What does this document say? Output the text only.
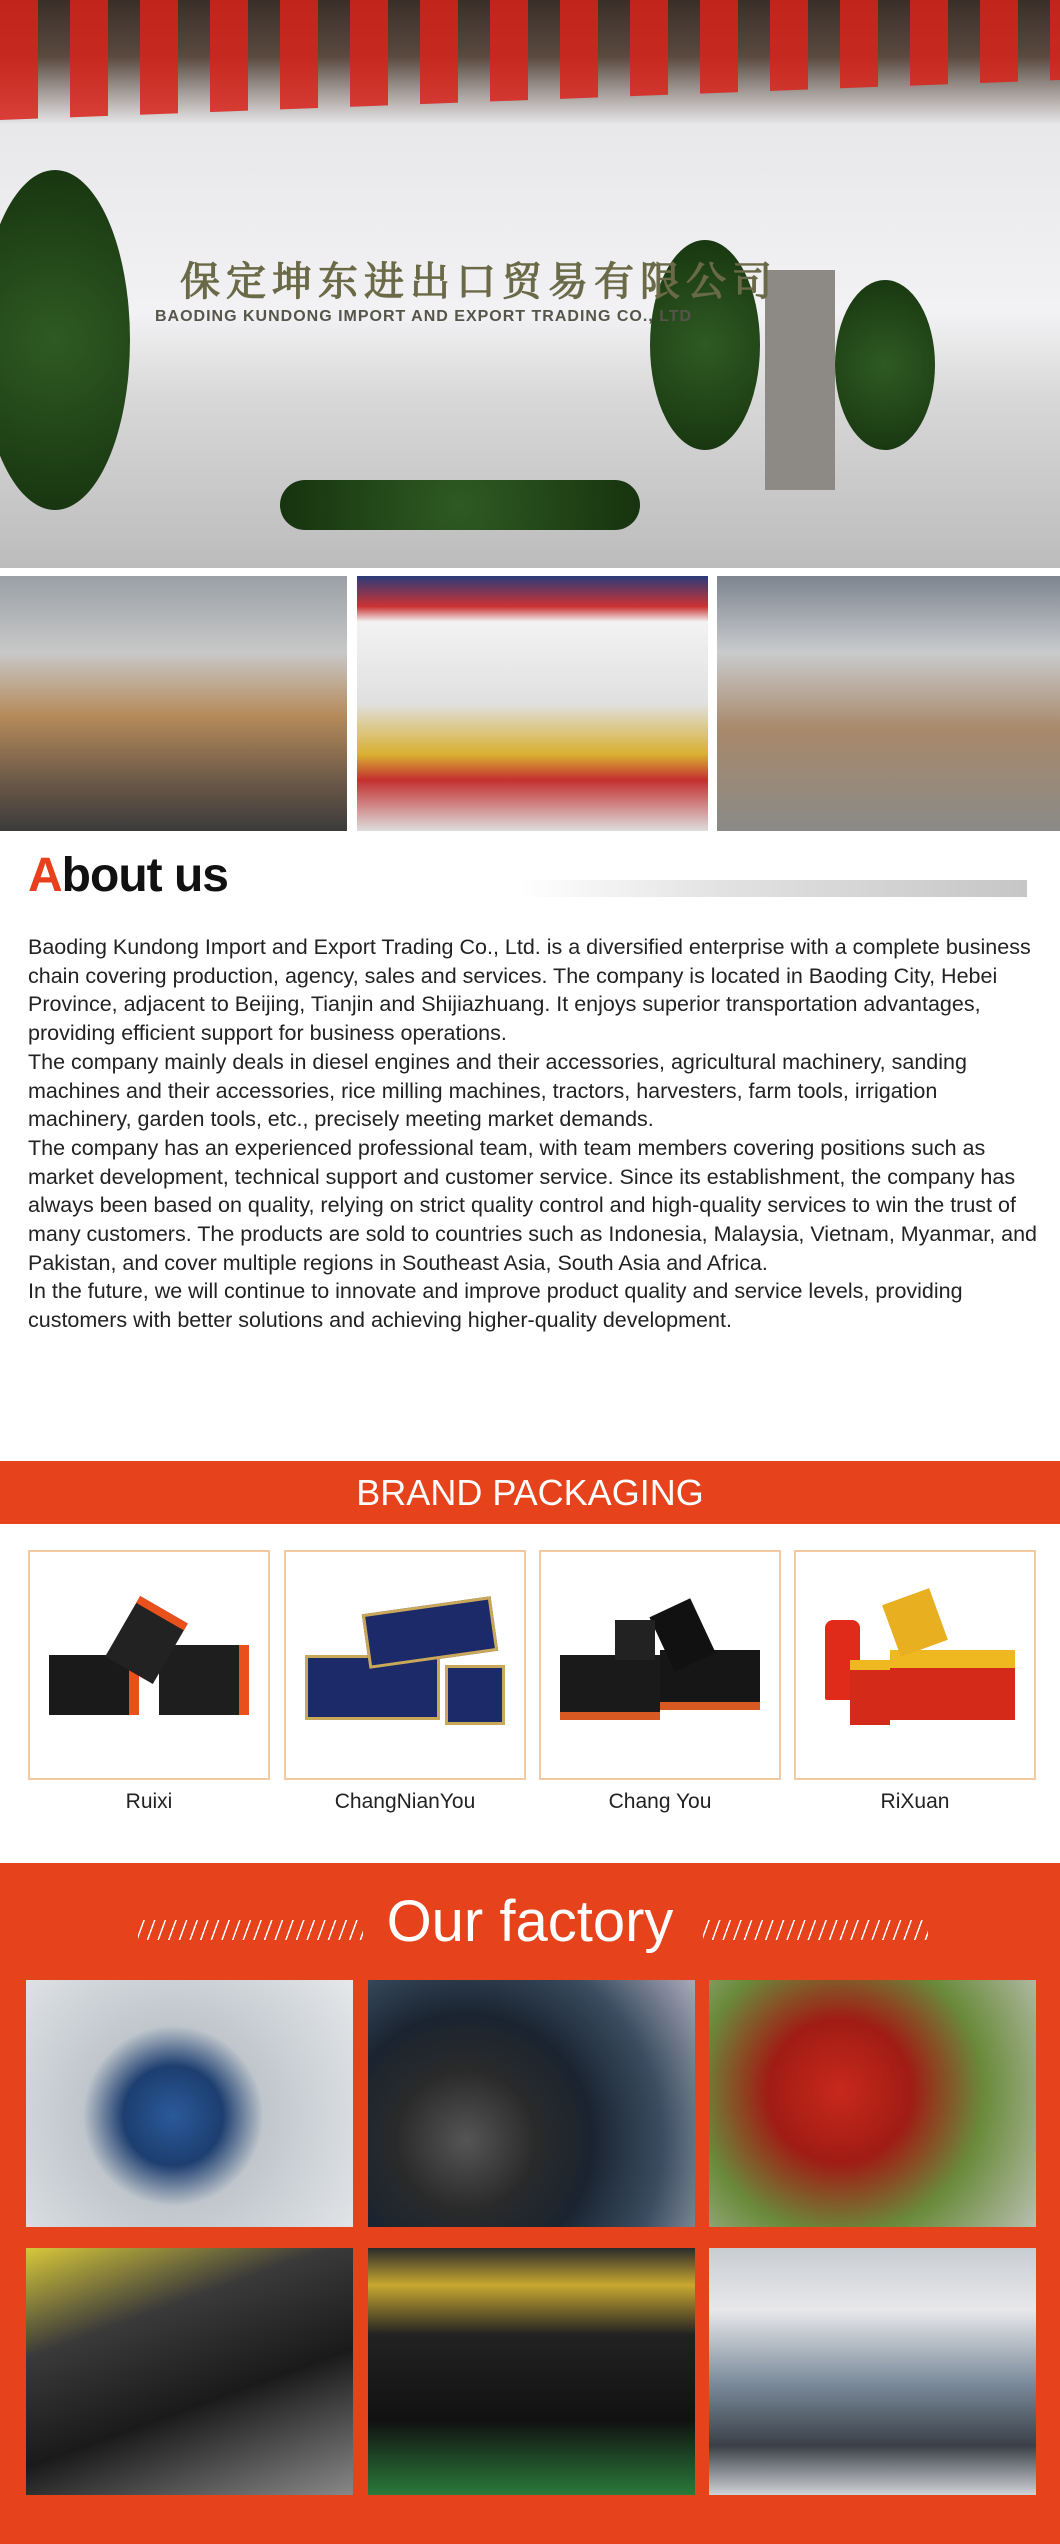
保定坤东进出口贸易有限公司
BAODING KUNDONG IMPORT AND EXPORT TRADING CO., LTD
About us

Baoding Kundong Import and Export Trading Co., Ltd. is a diversified enterprise with a complete business chain covering production, agency, sales and services. The company is located in Baoding City, Hebei Province, adjacent to Beijing, Tianjin and Shijiazhuang. It enjoys superior transportation advantages, providing efficient support for business operations.

The company mainly deals in diesel engines and their accessories, agricultural machinery, sanding machines and their accessories, rice milling machines, tractors, harvesters, farm tools, irrigation machinery, garden tools, etc., precisely meeting market demands.

The company has an experienced professional team, with team members covering positions such as market development, technical support and customer service. Since its establishment, the company has always been based on quality, relying on strict quality control and high-quality services to win the trust of many customers. The products are sold to countries such as Indonesia, Malaysia, Vietnam, Myanmar, and Pakistan, and cover multiple regions in Southeast Asia, South Asia and Africa.

In the future, we will continue to innovate and improve product quality and service levels, providing customers with better solutions and achieving higher-quality development.

BRAND PACKAGING
Ruixi	ChangNianYou	Chang You	RiXuan
Our factory
